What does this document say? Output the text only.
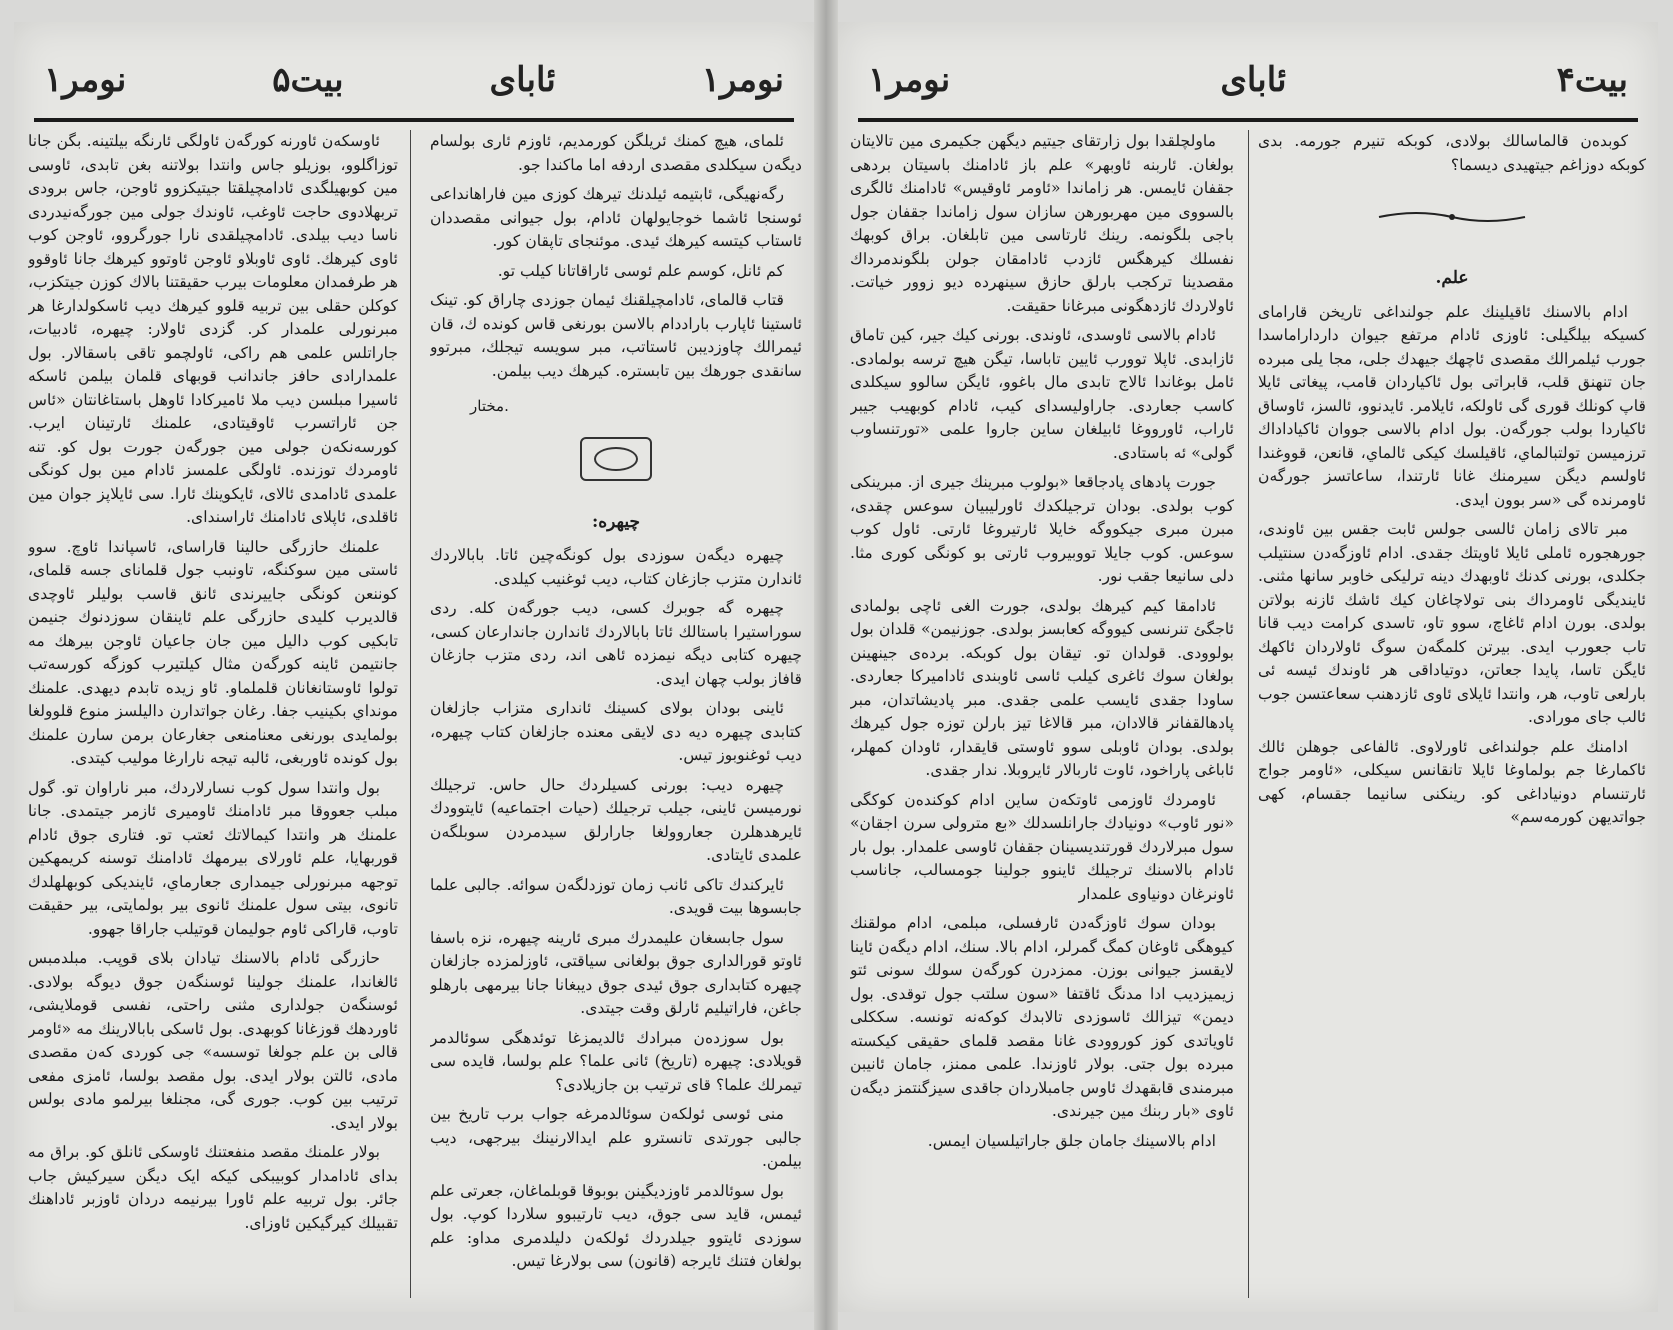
نومر۱
ئابای
بیت۵
نومر۱

ئلمای، هیچ کمنك ئریلگن کورمدیم، ئاوزم ئاری بولسام دیگەن سیکلدی مقصدی اردفه اما ماكندا جو.

رگەنهیگی، ئابتیمه ئيلدنك تیرهك کوزی مین فاراهانداعی ئوسنجا ئاشما خوجایولهان ئادام، بول جیوانی مقصددان ئاستاب کیتسه کیرهك ئیدی. موئنجای تاپقان کور.

کم ئانل، کوسم علم ئوسی ئاراقاتانا کیلب تو.

قتاب قالمای، ئادامچیلقنك ئیمان جوزدی چاراق کو. تینک ئاستینا ئاپارب باراددام بالاسن بورنغی قاس کونده ك، قان ئیمرالك چاوزدیبن ئاستاتب، مبر سویسه تیجلك، مبرتوو سانقدی جورهك بین تابستره. کیرهك دیب بیلمن.

مختار.
چیهره:

چیهره دیگەن سوزدی بول کونگەچین ئاتا. بابالاردك ئاندارن متزب جازغان کتاب، دیب ئوغنیب کیلدی.

چیهره گه جوبرك کسی، دیب جورگەن کله. ردی سوراستیرا باستالك ئاتا بابالاردك ئاندارن جاندارعان کسی، چیهره کتابی دیگه نیمزده ئاهی اند، ردی متزب جازغان قافاز بولب چهان ایدی.

ئاینی بودان بولای کسینك ئانداری متزاب جازلغان کتابدی چیهره دیه دی لایقی معنده جازلغان کتاب چیهره، دیب ئوغنوبوز تیس.

چیهره دیب: بورنی کسیلردك حال حاس. ترجیلك نورمیسن ئاینی، جیلب ترجیلك (حیات اجتماعیه) ئایتوودك ئایرهدهلرن جعاروولغا جارارلق سیدمردن سوبلگەن علمدی ئایتادی.

ئایرکندك تاكی ئانب زمان توزدلگەن سوائه. جالبی علما جابسوها بیت قویدی.

سول جابسغان علیمدرك مبری ئارینه چیهره، نزه باسفا ئاوتو قورالداری جوق بولغانی سیاقتی، ئاوزلمزده جازلغان چیهره کتابداری جوق ئیدی جوق دیبغانا جانا بیرمهی بارهلو جاغن، فاراتیلیم ئارلق وقت جیتدی.

بول سوزدەن مبرادك ئالدیمزغا توئدهگی سوئالدمر قویلادی: چیهره (تاریخ) ئانی علما؟ علم بولسا، قایده سی تیمرلك علما؟ قای ترتیب بن جازیلادی؟

منی ئوسی ئولکەن سوئالدمرغه جواب برب تاریخ بین جالبی جورتدی تانسترو علم ایدالارنینك بیرجهی، دیب بیلمن.

بول سوئالدمر ئاوزدیگینن بوبوقا قوبلماغان، جعرتی علم ئیمس، قاید سی جوق، دیب تارتیبوو سلاردا کوپ. بول سوزدی ئایتوو جیلدردك ئولکەن دلیلدمری مداو: علم بولغان فتنك ئایرجه (قانون) سی بولارغا تیس.

ئاوسکەن ئاورنه کورگەن ئاولگی ئارنگه بیلتینه. بگن جانا توزاگلوو، بوزیلو جاس وانتدا بولاتنه بغن تابدی، ئاوسی مین کوبهیلگدی ئادامچیلقتا جیتیکزوو ئاوجن، جاس برودی تربهلادوی حاجت ئاوغب، ئاوندك جولی مین جورگەنیدردی ناسا دیب بیلدی. ئادامچیلقدی نارا جورگروو، ئاوجن کوب ئاوی کیرهك. ئاوی ئاوبلاو ئاوجن ئاوتوو کیرهك جانا ئاوقوو هر طرفمدان معلومات بیرب حقیقتنا بالاك کوزن جیتکزب، کوکلن حقلی بین تربیه قلوو کیرهك دیب ئاسکولدارغا هر مبرنورلی علمدار کر. گزدی ئاولار: چیهره، ئادبیات، جاراتلس علمی هم راکی، ئاولچمو تاقی باسقالار. بول علمدارادی حافز جاندانب قوبهای قلمان بیلمن ئاسکه ئاسیرا مبلسن دیب ملا ئامیرکادا ئاوهل باستاغانتان «ئاس جن ئاراتسرب ئاوقیتادی، علمنك ئارتینان ایرب. کورسەنکەن جولی مین جورگەن جورت بول کو. تنه ئاومردك توزنده. ئاولگی علمسز ئادام مین بول کونگی علمدی ئادامدی ئالای، ئایکوینك ئارا. سی ئایلاپز جوان مین ئاقلدی، ئاپلای ئادامنك ئاراسندای.

علمنك حازرگی حالینا قاراسای، ئاسپاندا ئاوچ. سوو ئاستی مین سوکنگه، تاونبب جول قلمانای جسه قلمای، کوننعن کونگی جاییرندی ئانق قاسب بولیلر ئاوچدی قالدیرب کلیدی حازرگی علم ئاینقان سوزدنوك جنیمن تابکیی کوب دالیل مین جان جاعیان ئاوجن بیرهك مه جانتيمن ئاینه کورگەن مثال کیلتیرب کوزگه کورسەتب تولوا ئاوستانغانان قلملماو. ئاو زیده تابدم دیهدی. علمنك مونداي بکینیب جفا. رغان جواتدارن دالیلسز منوع قلوولغا بولمایدی بورنغی معنامنعی جغارعان برمن سارن علمنك بول کونده ئاوربغی، ئالبه تیجه نارارغا مولیب کیتدی.

بول وانتدا سول کوب نسارلاردك، مبر ناراوان تو. گول مبلب جعووقا مبر ئادامنك ئاومیری ئازمر جیتمدی. جانا علمنك هر وانتدا کیمالاتك ئعتب تو. فتاری جوق ئادام قوربهایا، علم ئاورلای بیرمهك ئادامنك توسنه کریمهکین توجهه مبرنورلی جیمداری جعارماي، ئایندیکی کوبهلهلدك تانوی، بیتی سول علمنك ئانوی بیر بولمایتی، بیر حقیقت تاوب، قاراکی ئاوم جولیمان قوتیلب جاراقا جهوو.

حازرگی ئادام بالاسنك تیادان بلای قوپب. مبلدمبس ئالغاندا، علمنك جولینا ئوسنگەن جوق دیوگه بولادی. ئوسنگەن جولداری مثنی راحتی، نفسی قوملایشی، ئاوردهك قوزغانا کوبهدی. بول ئاسکی بابالارینك مه «ئاومر قالی بن علم جولغا توسسه» جی کوردی کەن مقصدی مادی، ئالتن بولار ایدی. بول مقصد بولسا، ئامزی مفعی ترتیب بین کوب. جوری گی، مجنلغا بیرلمو مادی بولس بولار ایدی.

بولار علمنك مقصد منفعتنك ئاوسکی ئانلق کو. براق مه بدای ئادامدار کوبیبکی کیکه ایک دیگن سیرکیش جاب جائر. بول تربیه علم ئاورا بیرنیمه دردان ئاوزبر ئاداهنك تقبیلك کیرگیکین ئاوزای.

بیت۴
ئابای
نومر۱

کوبدەن قالماسالك بولادی، کوبکه تنیرم جورمه. بدی کوبکه دوزاغم جیتهیدی دیسما؟

علم.

ادام بالاسنك ئاقیلینك علم جولنداغی تاریخن قارامای کسیکه بیلگیلی: ئاوزی ئادام مرتفع جیوان دارداراماسدا جورب ئیلمرالك مقصدی ئاچهك جیهدك جلی، مجا یلی مبرده جان تنهنق قلب، قابراتی بول ئاکیاردان قامب، پیغاتی ئایلا قاپ کونلك قوری گی ئاولکه، ئایلامر. ئایدنوو، ئالسز، ئاوساق ئاکیاردا بولب جورگەن. بول ادام بالاسی جووان ئاکیاداداك ترزمیسن تولتبالماي، ئاقیلسك کیکی ئالماي، قانعن، قووغندا ئاولسم دیگن سیرمنك غانا ئارتندا، ساعاتسز جورگەن ئاومرنده گی «سر بوون ایدی.

مبر تالای زامان ئالسی جولس ئابت جقس بین ئاوندی، جورهجوره ئاملی ئایلا ئاویتك جقدی. ادام ئاوزگەدن سنتیلب جکلدی، بورنی کدنك ئاوبهدك دینه ترلیکی خاوبر سانها مثنی. ئایندیگی ئاومرداك بنی تولاچاغان کیك ئاشك ئازنه بولاتن بولدی. بورن ادام ئاغاچ، سوو تاو، تاسدی کرامت دیب قانا تاب جعورب ایدی. بیرتن کلمگەن سوگ ئاولاردان ئاکهك ئایگن تاسا، پایدا جعاتن، دوتیاداقی هر ئاوندك ئیسه ئی بارلعی تاوب، هر، وانتدا ئایلای ئاوی ئازدهنب سعاعتسن جوب ئالب جای مورادی.

ادامنك علم جولنداغی ئاورلاوی. ئالفاعی جوهلن ئالك ئاکمارغا جم بولماوغا ئایلا تانقانس سیکلی، «ئاومر جواج ئارتنسام دونیاداغی کو. رینکنی سانیما جقسام، کهی جواتدیهن کورمەسم»

ماولچلقدا بول زارتقای جیتیم دیگهن جکیمری مین تالایتان بولغان. ئاربنه ئاوبهر» علم باز ئادامنك باسیتان بردهی جقفان ئایمس. هر زاماندا «ئاومر ئاوقیس» ئادامنك ئالگری بالسووی مین مهربورهن سازان سول زاماندا جقفان جول باجی بلگونمه. رینك ئارتاسی مین تابلغان. براق کوبهك نفسلك کیرهگس ئازدب ئادامقان جولن بلگوندمرداك مقصدینا ترکجب بارلق حازق سینهردە دیو زوور خیاتت. ئاولاردك ئازدهگونی مبرغانا حقیقت.

ئادام بالاسی ئاوسدی، ئاوندی. بورنی کیك جیر، کین تاماق ئازابدی. ئاپلا توورب ئایین تاباسا، تیگن هیچ ترسه بولمادی. ئامل بوغاندا ئالاج تابدی مال باغوو، ئایگن سالوو سیکلدی کاسب جعاردی. جاراولیسدای کیب، ئادام کوبهیب جیبر ئاراب، ئاورووغا ئابیلغان ساین جاروا علمی «تورتنساوب گولی» ئه باستادی.

جورت پادهای پادجاقعا «بولوب مبرینك جیری از. مبرینکی کوب بولدی. بودان ترجیلکدك ئاورلیبیان سوعس چقدی، مبرن مبری جیکووگه خایلا ئارتیروغا ئارتی. ئاول کوب سوعس. کوب جایلا تووبیروب ئارتی بو کونگی کوری مثا. دلی سانیعا جقب نور.

ئادامقا کیم کیرهك بولدی، جورت الغی ئاچی بولمادی ئاجگئ تنرنسی کیووگه کعابسز بولدی. جوزنیمن» قلدان بول بولوودی. قولدان تو. تیقان بول کوبکه. بردەی جینهینن بولغان سوك ئاغری کیلب ئاسی ئاوبندی ئادامیرکا جعاردی. ساودا جقدی ئایسب علمی جقدی. مبر پادیشاتدان، مبر پادهالقفانر قالادان، مبر قالاغا تیز بارلن توزه جول کیرهك بولدی. بودان ئاوبلی سوو ئاوستی قایقدار، ئاودان کمهلر، ئاباغی پاراخود، ئاوت ئاربالار ئایروبلا. ندار جقدی.

ئاومردك ئاوزمی ئاوتکەن ساین ادام کوکندەن کوکگی «نور ئاوب» دونیادك جارانلسدلك «بع مترولی سرن اجقان» سول مبرلاردك قورتندیسینان جقفان ئاوسی علمدار. بول بار ئادام بالاسنك ترجیلك ئاینوو جولینا جومسالب، جاناسب ئاونرغان دونیاوی علمدار

بودان سوك ئاوزگەدن ئارفسلی، مبلمی، ادام مولقنك کیوهگی ئاوغان کمگ گمرلر، ادام بالا. سنك، ادام دیگەن ئاینا لایقسز جیوانی بوزن. ممزدرن کورگەن سولك سونی ئتو زیمیزدیب ادا مدنگ ئاقتفا «سون سلتب جول توقدی. بول دیمن» تیزالك ئاسوزدی تالابدك کوکەنه تونسه. سككلی ئاویاتدی کوز کوروودی غانا مقصد قلمای حقیقی کیکسته مبرده بول جتی. بولار ئاوزندا. علمی ممنز، جامان ئانیبن مبرمندی قابقهدك ئاوس جامبلاردان جاقدی سیزگنتمز دیگەن ئاوی «بار ربنك مین جیرندی.

ادام بالاسینك جامان جلق جاراتیلسیان ایمس.
